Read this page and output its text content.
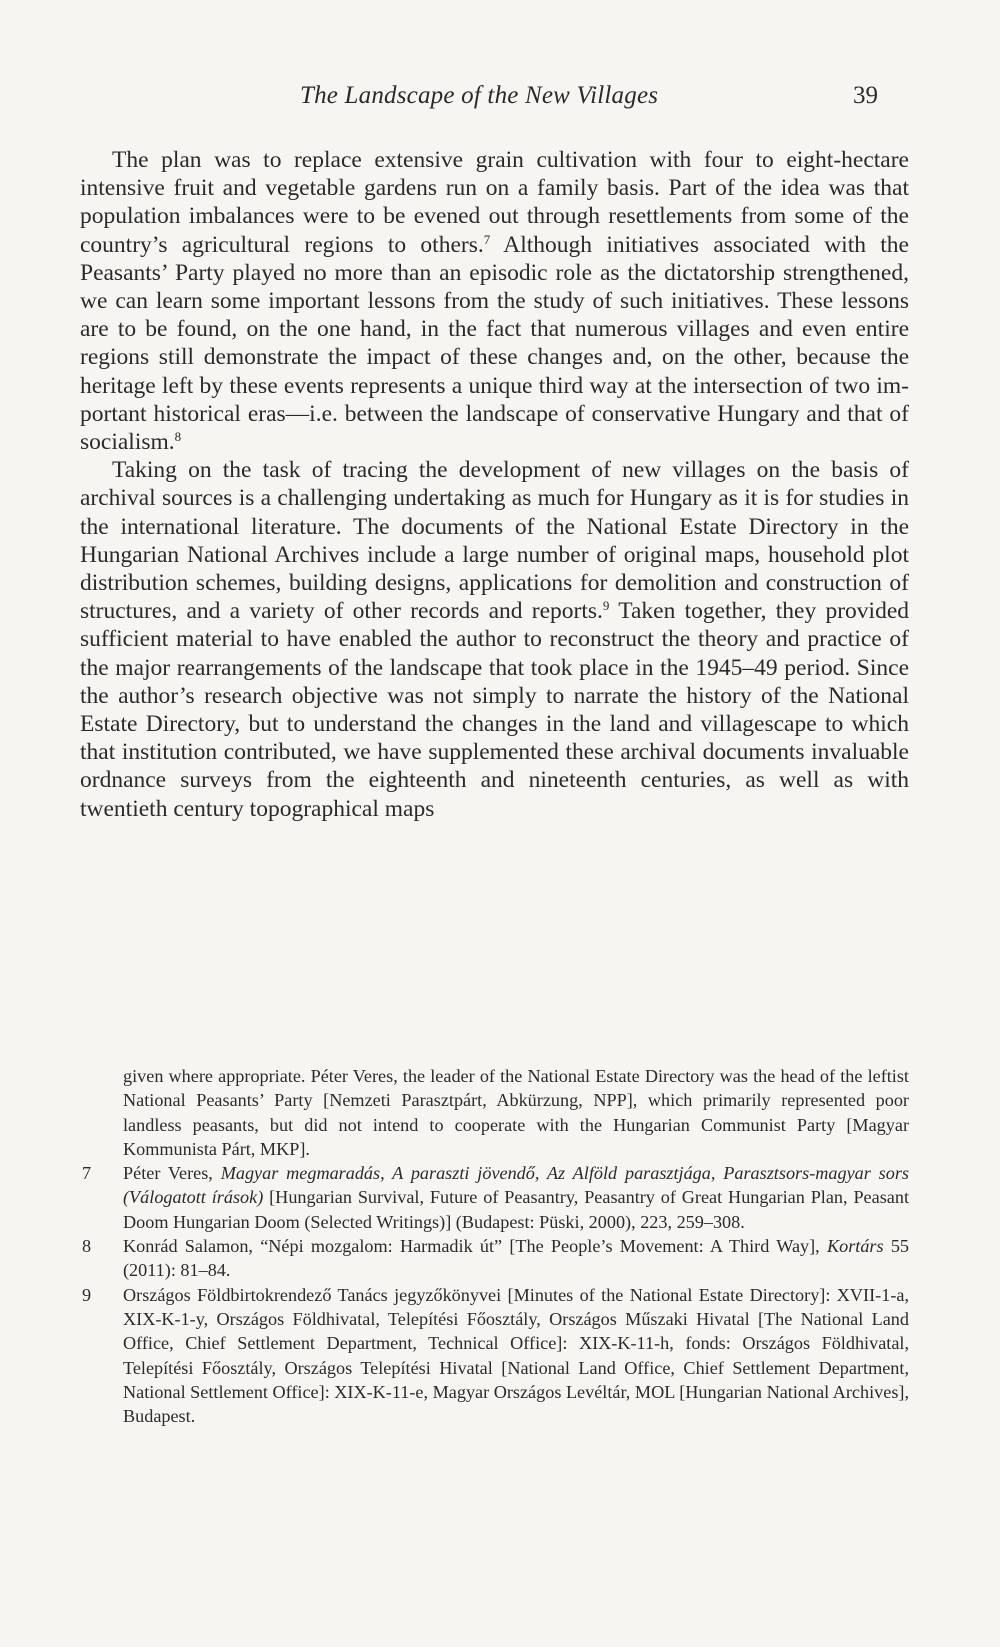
The Landscape of the New Villages	39

The plan was to replace extensive grain cultivation with four to eight-hectare intensive fruit and vegetable gardens run on a family basis. Part of the idea was that population imbalances were to be evened out through resettlements from some of the country’s agricultural regions to others.$^7$ Although initiatives associated with the Peasants’ Party played no more than an episodic role as the dictatorship strengthened, we can learn some important lessons from the study of such initiatives. These lessons are to be found, on the one hand, in the fact that numerous villages and even entire regions still demonstrate the impact of these changes and, on the other, because the heritage left by these events represents a unique third way at the intersection of two important historical eras—i.e. between the landscape of conservative Hungary and that of socialism.$^8$

Taking on the task of tracing the development of new villages on the basis of archival sources is a challenging undertaking as much for Hungary as it is for studies in the international literature. The documents of the National Estate Directory in the Hungarian National Archives include a large number of original maps, household plot distribution schemes, building designs, applications for demolition and construction of structures, and a variety of other records and reports.$^9$ Taken together, they provided sufficient material to have enabled the author to reconstruct the theory and practice of the major rearrangements of the landscape that took place in the 1945–49 period. Since the author’s research objective was not simply to narrate the history of the National Estate Directory, but to understand the changes in the land and villagescape to which that institution contributed, we have supplemented these archival documents invaluable ordnance surveys from the eighteenth and nineteenth centuries, as well as with twentieth century topographical maps

given where appropriate. Péter Veres, the leader of the National Estate Directory was the head of the leftist National Peasants’ Party [Nemzeti Parasztpárt, Abkürzung, NPP], which primarily represented poor landless peasants, but did not intend to cooperate with the Hungarian Communist Party [Magyar Kommunista Párt, MKP].

7 Péter Veres, Magyar megmaradás, A paraszti jövendő, Az Alföld parasztjága, Parasztsors-magyar sors (Válogatott írások) [Hungarian Survival, Future of Peasantry, Peasantry of Great Hungarian Plan, Peasant Doom Hungarian Doom (Selected Writings)] (Budapest: Püski, 2000), 223, 259–308.

8 Konrád Salamon, “Népi mozgalom: Harmadik út” [The People’s Movement: A Third Way], Kortárs 55 (2011): 81–84.

9 Országos Földbirtokrendező Tanács jegyzőkönyvei [Minutes of the National Estate Directory]: XVII-1-a, XIX-K-1-y, Országos Földhivatal, Telepítési Főosztály, Országos Műszaki Hivatal [The National Land Office, Chief Settlement Department, Technical Office]: XIX-K-11-h, fonds: Országos Földhivatal, Telepítési Főosztály, Országos Telepítési Hivatal [National Land Office, Chief Settlement Department, National Settlement Office]: XIX-K-11-e, Magyar Országos Levéltár, MOL [Hungarian National Archives], Budapest.
